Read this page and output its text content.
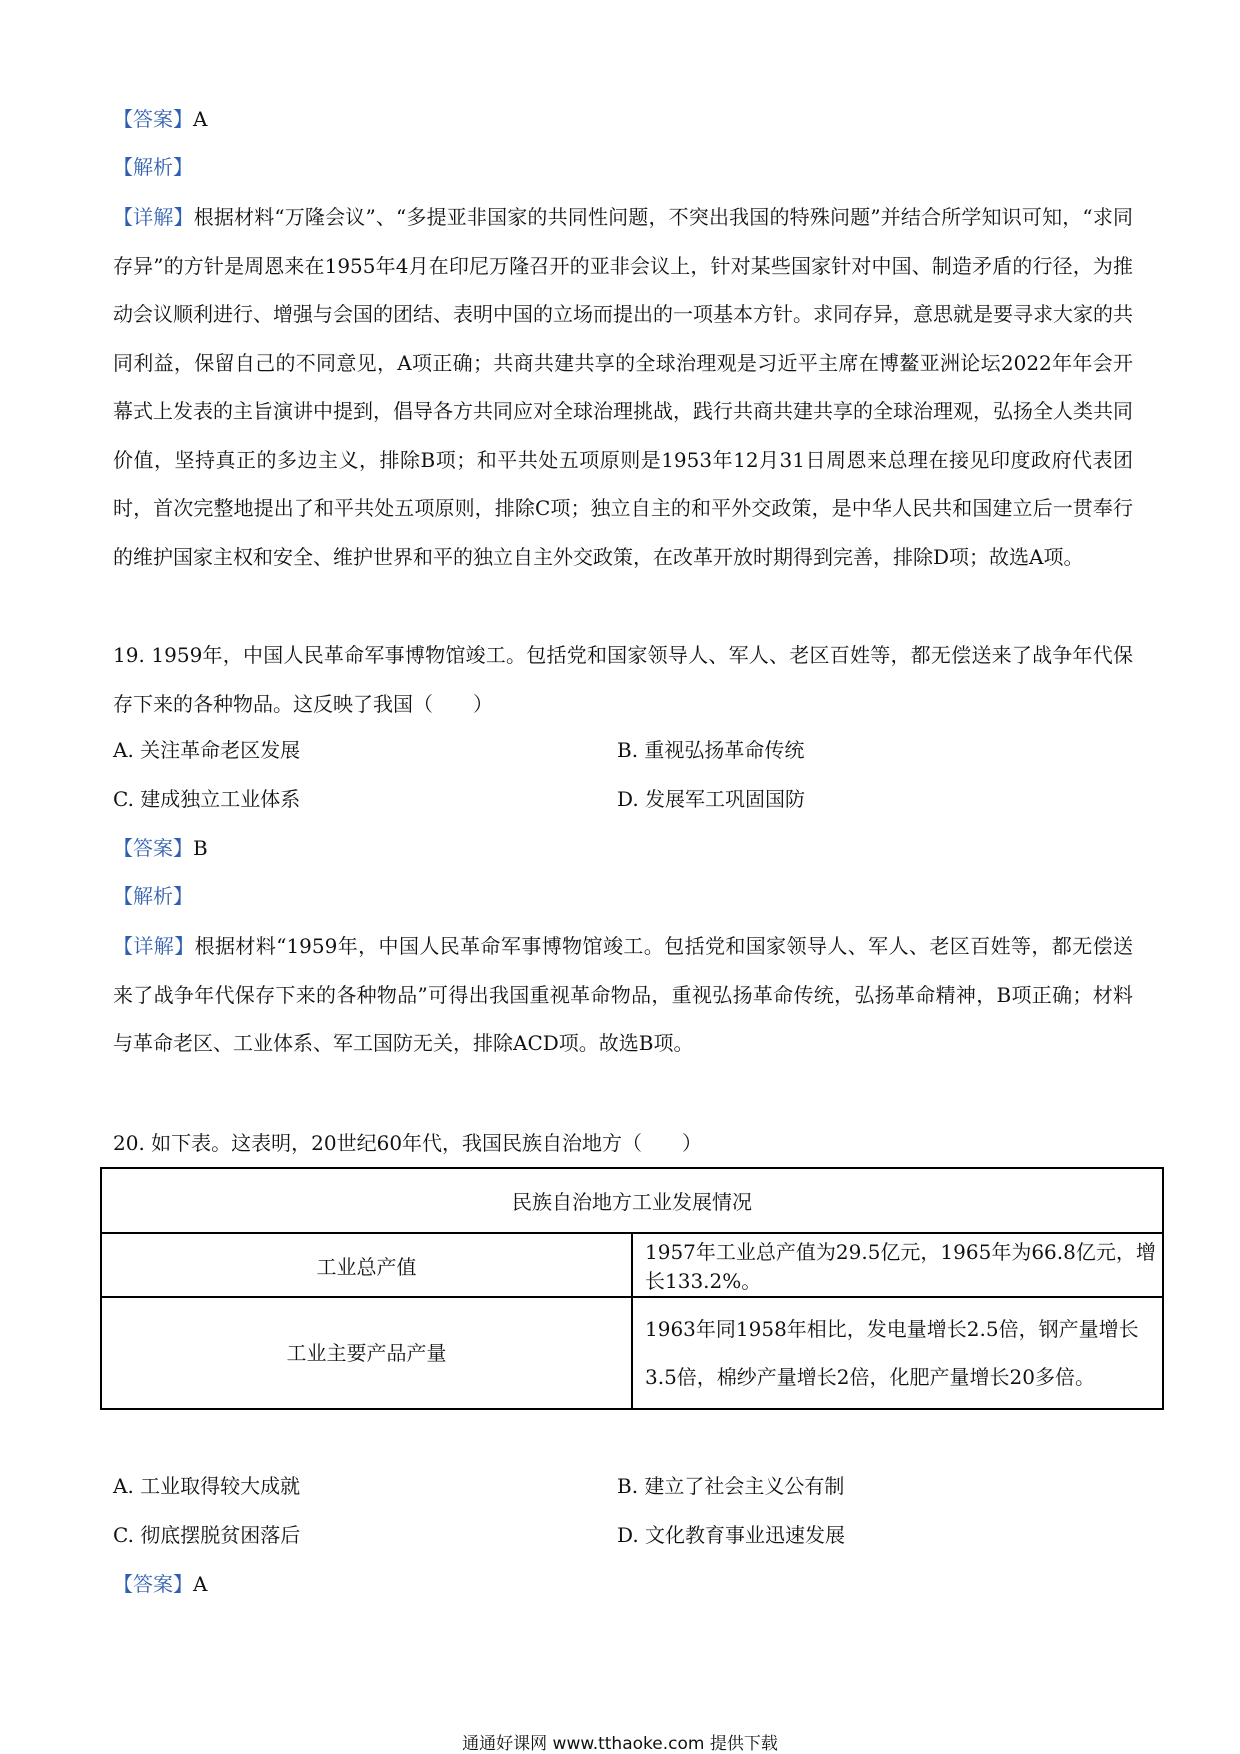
【答案】A
【解析】
【详解】根据材料“万隆会议”、“多提亚非国家的共同性问题，不突出我国的特殊问题”并结合所学知识可知，“求同存异”的方针是周恩来在1955年4月在印尼万隆召开的亚非会议上，针对某些国家针对中国、制造矛盾的行径，为推动会议顺利进行、增强与会国的团结、表明中国的立场而提出的一项基本方针。求同存异，意思就是要寻求大家的共同利益，保留自己的不同意见，A项正确；共商共建共享的全球治理观是习近平主席在博鳌亚洲论坛2022年年会开幕式上发表的主旨演讲中提到，倡导各方共同应对全球治理挑战，践行共商共建共享的全球治理观，弘扬全人类共同价值，坚持真正的多边主义，排除B项；和平共处五项原则是1953年12月31日周恩来总理在接见印度政府代表团时，首次完整地提出了和平共处五项原则，排除C项；独立自主的和平外交政策，是中华人民共和国建立后一贯奉行的维护国家主权和安全、维护世界和平的独立自主外交政策，在改革开放时期得到完善，排除D项；故选A项。
19. 1959年，中国人民革命军事博物馆竣工。包括党和国家领导人、军人、老区百姓等，都无偿送来了战争年代保存下来的各种物品。这反映了我国（　　）
A. 关注革命老区发展	B. 重视弘扬革命传统
C. 建成独立工业体系	D. 发展军工巩固国防
【答案】B
【解析】
【详解】根据材料“1959年，中国人民革命军事博物馆竣工。包括党和国家领导人、军人、老区百姓等，都无偿送来了战争年代保存下来的各种物品”可得出我国重视革命物品，重视弘扬革命传统，弘扬革命精神，B项正确；材料与革命老区、工业体系、军工国防无关，排除ACD项。故选B项。
20. 如下表。这表明，20世纪60年代，我国民族自治地方（　　）
民族自治地方工业发展情况	
工业总产值	1957年工业总产值为29.5亿元，1965年为66.8亿元，增长133.2%。
工业主要产品产量	1963年同1958年相比，发电量增长2.5倍，钢产量增长3.5倍，棉纱产量增长2倍，化肥产量增长20多倍。
A. 工业取得较大成就	B. 建立了社会主义公有制
C. 彻底摆脱贫困落后	D. 文化教育事业迅速发展
【答案】A
通通好课网 www.tthaoke.com 提供下载
